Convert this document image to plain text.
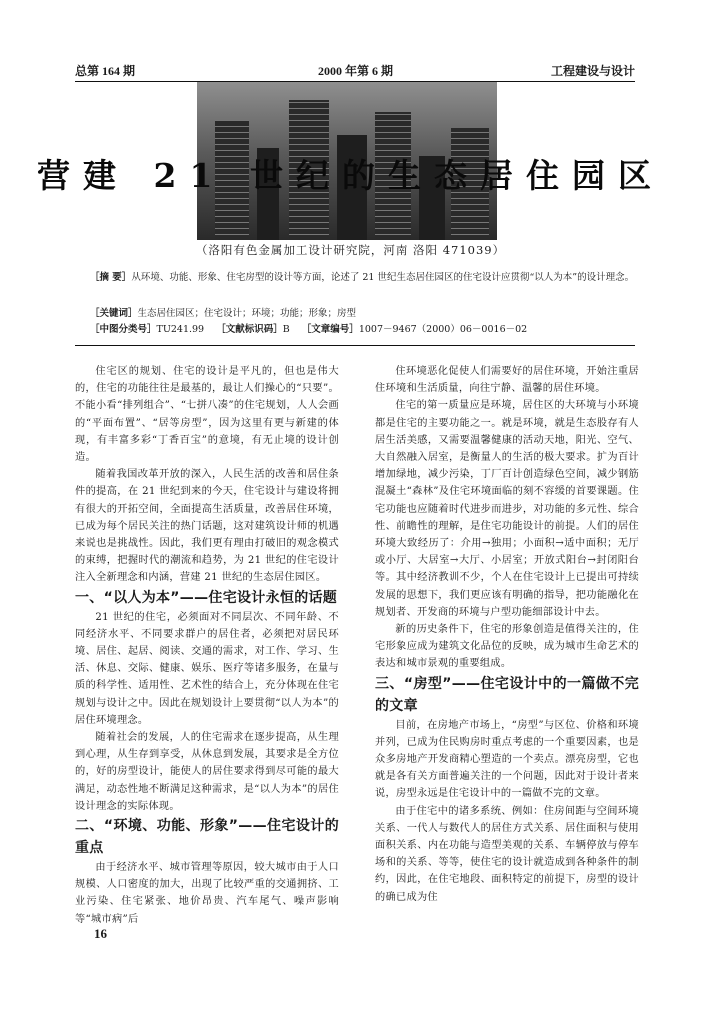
总第 164 期	2000 年第 6 期	工程建设与设计
营建 21 世纪的生态居住园区
（洛阳有色金属加工设计研究院，河南 洛阳 471039）
［摘 要］从环境、功能、形象、住宅房型的设计等方面，论述了 21 世纪生态居住园区的住宅设计应贯彻“以人为本”的设计理念。
［关键词］生态居住园区；住宅设计；环境；功能；形象；房型
［中图分类号］TU241.99 ［文献标识码］B ［文章编号］1007－9467（2000）06－0016－02

住宅区的规划、住宅的设计是平凡的，但也是伟大的，住宅的功能往往是最基的，最让人们操心的“只要”。不能小看“排列组合”、“七拼八凑”的住宅规划，人人会画的“平面布置”、“居等房型”，因为这里有更与新建的体现，有丰富多彩“丁香百宝”的意境，有无止境的设计创造。

随着我国改革开放的深入，人民生活的改善和居住条件的提高，在 21 世纪到来的今天，住宅设计与建设将拥有很大的开拓空间，全面提高生活质量，改善居住环境，已成为每个居民关注的热门话题，这对建筑设计师的机遇来说也是挑战性。因此，我们更有理由打破旧的观念模式的束缚，把握时代的潮流和趋势，为 21 世纪的住宅设计注入全新理念和内涵，营建 21 世纪的生态居住园区。

一、“以人为本”——住宅设计永恒的话题

21 世纪的住宅，必须面对不同层次、不同年龄、不同经济水平、不同要求群户的居住者，必须把对居民环境、居住、起居、阅读、交通的需求，对工作、学习、生活、休息、交际、健康、娱乐、医疗等诸多服务，在量与质的科学性、适用性、艺术性的结合上，充分体现在住宅规划与设计之中。因此在规划设计上要贯彻“以人为本”的居住环境理念。

随着社会的发展，人的住宅需求在逐步提高，从生理到心理，从生存到享受，从休息到发展，其要求是全方位的，好的房型设计，能使人的居住要求得到尽可能的最大满足，动态性地不断满足这种需求，是“以人为本”的居住设计理念的实际体现。

二、“环境、功能、形象”——住宅设计的重点

由于经济水平、城市管理等原因，较大城市由于人口规模、人口密度的加大，出现了比较严重的交通拥挤、工业污染、住宅紧张、地价昂贵、汽车尾气、噪声影响等“城市病”后

住环境恶化促使人们需要好的居住环境，开始注重居住环境和生活质量，向往宁静、温馨的居住环境。

住宅的第一质量应是环境，居住区的大环境与小环境都是住宅的主要功能之一。就是环境，就是生态股存有人居生活美感，又需要温馨健康的活动天地，阳光、空气、大自然融入居室，是衡量人的生活的极大要求。扩为百计增加绿地，减少污染，丁厂百计创造绿色空间，减少钢筋混凝土“森林”及住宅环境面临的刻不容缓的首要课题。住宅功能也应随着时代进步而进步，对功能的多元性、综合性、前瞻性的理解，是住宅功能设计的前提。人们的居住环境大致经历了：介用→独用；小面积→适中面积；无厅或小厅、大居室→大厅、小居室；开放式阳台→封闭阳台等。其中经济教训不少，个人在住宅设计上已提出可持续发展的思想下，我们更应该有明确的指导，把功能融化在规划者、开发商的环境与户型功能细部设计中去。

新的历史条件下，住宅的形象创造是值得关注的，住宅形象应成为建筑文化品位的反映，成为城市生命艺术的表达和城市景观的重要组成。

三、“房型”——住宅设计中的一篇做不完的文章

目前，在房地产市场上，“房型”与区位、价格和环境并列，已成为住民购房时重点考虑的一个重要因素，也是众多房地产开发商精心塑造的一个卖点。漂亮房型，它也就是各有关方面普遍关注的一个问题，因此对于设计者来说，房型永远是住宅设计中的一篇做不完的文章。

由于住宅中的诸多系统、例如：住房间距与空间环境关系、一代人与数代人的居住方式关系、居住面积与使用面积关系、内在功能与造型美观的关系、车辆停放与停车场和的关系、等等，使住宅的设计就造成到各种条件的制约，因此，在住宅地段、面积特定的前提下，房型的设计的确已成为住

16
